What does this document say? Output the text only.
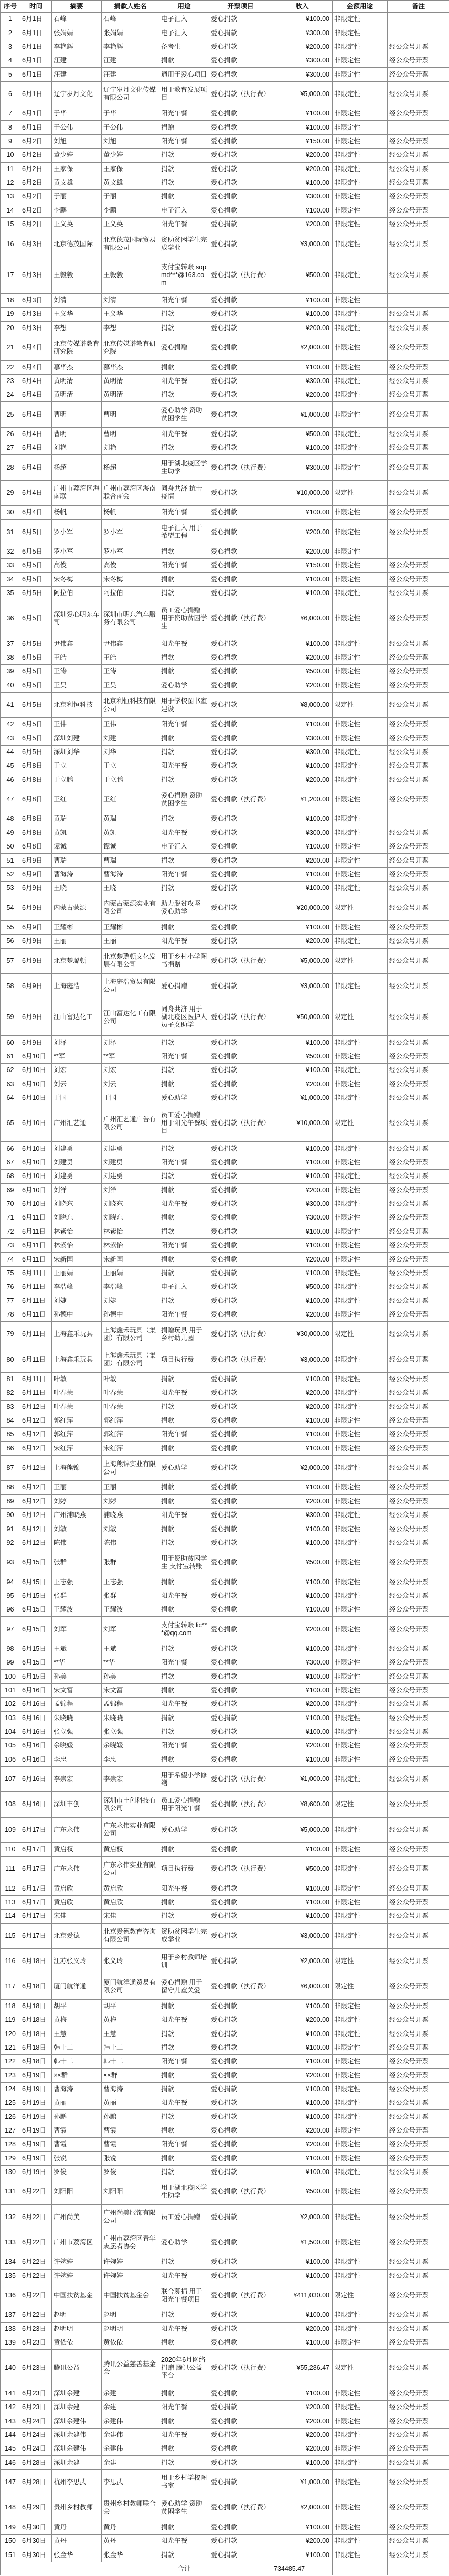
序号	时间	摘要	捐款人姓名	用途	开票项目	收入	金额用途	备注
1	6月1日	石峰	石峰	电子汇入	爱心捐款	¥100.00	非限定性	
2	6月1日	张娟娟	张娟娟	电子汇入	爱心捐款	¥300.00	非限定性	
3	6月1日	李艳辉	李艳辉	备考生	爱心捐款	¥200.00	非限定性	经公众号开票
4	6月1日	汪建	汪建	捐款	爱心捐款	¥300.00	非限定性	经公众号开票
5	6月1日	汪建	汪建	通用于爱心项目	爱心捐款	¥300.00	非限定性	经公众号开票
6	6月1日	辽宁岁月文化	辽宁岁月文化传媒有限公司	用于教育发展项目	爱心捐款（执行费）	¥5,000.00	非限定性	经公众号开票
7	6月1日	于华	于华	阳光午餐	爱心捐款	¥100.00	非限定性	经公众号开票
8	6月1日	于公伟	于公伟	捐赠	爱心捐款	¥100.00	非限定性	
9	6月2日	刘旭	刘旭	阳光午餐	爱心捐款	¥150.00	非限定性	经公众号开票
10	6月2日	董少婷	董少婷	捐款	爱心捐款	¥200.00	非限定性	经公众号开票
11	6月2日	王家保	王家保	捐款	爱心捐款	¥200.00	非限定性	经公众号开票
12	6月2日	黄文雄	黄文雄	捐款	爱心捐款	¥100.00	非限定性	经公众号开票
13	6月2日	于丽	于丽	捐款	爱心捐款	¥300.00	非限定性	经公众号开票
14	6月2日	李鹏	李鹏	电子汇入	爱心捐款	¥100.00	非限定性	经公众号开票
15	6月2日	王义英	王义英	阳光午餐	爱心捐款	¥200.00	非限定性	经公众号开票
16	6月3日	北京德茂国际	北京德茂国际贸易有限公司	资助贫困学生完成学业	爱心捐款	¥3,000.00	非限定性	经公众号开票
17	6月3日	王毅毅	王毅毅	支付宝转账 sopmd***@163.com	爱心捐款（执行费）	¥500.00	非限定性	经公众号开票
18	6月3日	刘清	刘清	阳光午餐	爱心捐款	¥100.00	非限定性	
19	6月3日	王义华	王义华	捐款	爱心捐款	¥100.00	非限定性	经公众号开票
20	6月3日	李想	李想	捐款	爱心捐款	¥200.00	非限定性	经公众号开票
21	6月4日	北京传媒谱教育研究院	北京传媒谱教育研究院	爱心捐赠	爱心捐款	¥2,000.00	非限定性	经公众号开票
22	6月4日	慕华杰	慕华杰	捐款	爱心捐款	¥100.00	非限定性	经公众号开票
23	6月4日	黄明清	黄明清	阳光午餐	爱心捐款	¥300.00	非限定性	经公众号开票
24	6月4日	黄明清	黄明清	捐款	爱心捐款	¥200.00	非限定性	经公众号开票
25	6月4日	曹明	曹明	爱心助学 资助贫困学生	爱心捐款	¥1,000.00	非限定性	经公众号开票
26	6月4日	曹明	曹明	阳光午餐	爱心捐款	¥500.00	非限定性	经公众号开票
27	6月4日	刘艳	刘艳	捐款	爱心捐款	¥100.00	非限定性	经公众号开票
28	6月4日	杨超	杨超	用于湖北疫区学生助学	爱心捐款（执行费）	¥300.00	非限定性	经公众号开票
29	6月4日	广州市荔湾区海南联	广州市荔湾区海南联合商会	同舟共济 抗击疫情	爱心捐款	¥10,000.00	限定性	经公众号开票
30	6月4日	杨帆	杨帆	阳光午餐	爱心捐款	¥100.00	非限定性	经公众号开票
31	6月5日	罗小军	罗小军	电子汇入 用于希望工程	爱心捐款	¥200.00	非限定性	经公众号开票
32	6月5日	罗小军	罗小军	捐款	爱心捐款	¥200.00	非限定性	
33	6月5日	高俊	高俊	阳光午餐	爱心捐款	¥150.00	非限定性	经公众号开票
34	6月5日	宋冬梅	宋冬梅	捐款	爱心捐款	¥100.00	非限定性	经公众号开票
35	6月5日	阿拉伯	阿拉伯	捐款	爱心捐款	¥100.00	非限定性	经公众号开票
36	6月5日	深圳爱心明东车司	深圳市明东汽车服务有限公司	员工爱心捐赠 用于资助贫困学生	爱心捐款（执行费）	¥6,000.00	非限定性	经公众号开票
37	6月5日	尹伟鑫	尹伟鑫	阳光午餐	爱心捐款	¥100.00	非限定性	经公众号开票
38	6月5日	王皓	王皓	捐款	爱心捐款	¥200.00	非限定性	经公众号开票
39	6月5日	王涛	王涛	捐款	爱心捐款	¥500.00	非限定性	经公众号开票
40	6月5日	王昊	王昊	爱心助学	爱心捐款	¥200.00	非限定性	经公众号开票
41	6月5日	北京利恒科技	北京利恒科技有限公司	用于学校图书室建设	爱心捐款	¥8,000.00	限定性	经公众号开票
42	6月5日	王伟	王伟	阳光午餐	爱心捐款	¥100.00	非限定性	经公众号开票
43	6月5日	深圳刘建	刘建	捐款	爱心捐款	¥300.00	非限定性	经公众号开票
44	6月5日	深圳刘华	刘华	捐款	爱心捐款	¥300.00	非限定性	经公众号开票
45	6月8日	于立	于立	阳光午餐	爱心捐款	¥100.00	非限定性	经公众号开票
46	6月8日	于立鹏	于立鹏	捐款	爱心捐款	¥200.00	非限定性	经公众号开票
47	6月8日	王红	王红	爱心捐赠 资助贫困学生	爱心捐款（执行费）	¥1,200.00	非限定性	经公众号开票
48	6月8日	黄瑞	黄瑞	捐款	爱心捐款	¥100.00	非限定性	
49	6月8日	黄凯	黄凯	阳光午餐	爱心捐款	¥300.00	非限定性	经公众号开票
50	6月8日	谭诚	谭诚	电子汇入	爱心捐款	¥100.00	非限定性	经公众号开票
51	6月9日	曹瑞	曹瑞	捐款	爱心捐款	¥200.00	非限定性	经公众号开票
52	6月9日	曹海涛	曹海涛	阳光午餐	爱心捐款	¥100.00	非限定性	经公众号开票
53	6月9日	王晓	王晓	捐款	爱心捐款	¥100.00	非限定性	经公众号开票
54	6月9日	内蒙古蒙源	内蒙古蒙源实业有限公司	助力脱贫攻坚 爱心助学	爱心捐款	¥20,000.00	限定性	经公众号开票
55	6月9日	王耀彬	王耀彬	捐款	爱心捐款	¥100.00	非限定性	经公众号开票
56	6月9日	王丽	王丽	阳光午餐	爱心捐款	¥200.00	非限定性	经公众号开票
57	6月9日	北京楚璐顿	北京楚璐顿文化发展有限公司	用于乡村小学图书捐赠	爱心捐款（执行费）	¥5,000.00	限定性	经公众号开票
58	6月9日	上海庭浩	上海庭浩贸易有限公司	爱心捐赠	爱心捐款	¥3,000.00	非限定性	经公众号开票
59	6月9日	江山富达化工	江山富达化工有限公司	同舟共济 用于湖北疫区医护人员子女助学	爱心捐款（执行费）	¥50,000.00	限定性	经公众号开票
60	6月9日	刘泽	刘泽	捐款	爱心捐款	¥100.00	非限定性	经公众号开票
61	6月10日	**军	**军	阳光午餐	爱心捐款	¥500.00	非限定性	经公众号开票
62	6月10日	刘宏	刘宏	捐款	爱心捐款	¥100.00	非限定性	经公众号开票
63	6月10日	刘云	刘云	捐款	爱心捐款	¥200.00	非限定性	经公众号开票
64	6月10日	于国	于国	爱心助学	爱心捐款	¥1,000.00	非限定性	经公众号开票
65	6月10日	广州汇艺通	广州汇艺通广告有限公司	员工爱心捐赠 用于阳光午餐项目	爱心捐款（执行费）	¥10,000.00	限定性	经公众号开票
66	6月10日	刘建勇	刘建勇	捐款	爱心捐款	¥100.00	非限定性	经公众号开票
67	6月10日	刘建勇	刘建勇	阳光午餐	爱心捐款	¥100.00	非限定性	经公众号开票
68	6月10日	刘建勇	刘建勇	捐款	爱心捐款	¥100.00	非限定性	经公众号开票
69	6月10日	刘洋	刘洋	捐款	爱心捐款	¥200.00	非限定性	经公众号开票
70	6月10日	刘晓东	刘晓东	阳光午餐	爱心捐款	¥300.00	非限定性	经公众号开票
71	6月11日	刘晓东	刘晓东	捐款	爱心捐款	¥300.00	非限定性	经公众号开票
72	6月11日	林紫怡	林紫怡	捐款	爱心捐款	¥100.00	非限定性	经公众号开票
73	6月11日	林紫怡	林紫怡	阳光午餐	爱心捐款	¥100.00	非限定性	经公众号开票
74	6月11日	宋新国	宋新国	捐款	爱心捐款	¥200.00	非限定性	经公众号开票
75	6月11日	王丽娟	王丽娟	捐款	爱心捐款	¥100.00	非限定性	经公众号开票
76	6月11日	李浩峰	李浩峰	电子汇入	爱心捐款	¥500.00	非限定性	经公众号开票
77	6月11日	刘婕	刘婕	捐款	爱心捐款	¥100.00	非限定性	经公众号开票
78	6月11日	孙德中	孙德中	阳光午餐	爱心捐款	¥200.00	非限定性	经公众号开票
79	6月11日	上海鑫禾玩具	上海鑫禾玩具（集团）有限公司	捐赠玩具 用于乡村幼儿园	爱心捐款（执行费）	¥30,000.00	限定性	经公众号开票
80	6月11日	上海鑫禾玩具	上海鑫禾玩具（集团）有限公司	项目执行费	爱心捐款（执行费）	¥3,000.00	非限定性	经公众号开票
81	6月11日	叶敏	叶敏	捐款	爱心捐款	¥100.00	非限定性	经公众号开票
82	6月11日	叶春荣	叶春荣	阳光午餐	爱心捐款	¥200.00	非限定性	经公众号开票
83	6月12日	叶春荣	叶春荣	捐款	爱心捐款	¥200.00	非限定性	经公众号开票
84	6月12日	郭红萍	郭红萍	捐款	爱心捐款	¥100.00	非限定性	经公众号开票
85	6月12日	郭红萍	郭红萍	阳光午餐	爱心捐款	¥100.00	非限定性	经公众号开票
86	6月12日	宋红萍	宋红萍	捐款	爱心捐款	¥100.00	非限定性	经公众号开票
87	6月12日	上海熊锦	上海熊锦实业有限公司	爱心助学	爱心捐款	¥2,000.00	非限定性	经公众号开票
88	6月12日	王丽	王丽	捐款	爱心捐款	¥100.00	非限定性	经公众号开票
89	6月12日	刘婷	刘婷	捐款	爱心捐款	¥200.00	非限定性	经公众号开票
90	6月12日	广州浦晓燕	浦晓燕	阳光午餐	爱心捐款	¥300.00	非限定性	经公众号开票
91	6月12日	刘敏	刘敏	捐款	爱心捐款	¥100.00	非限定性	经公众号开票
92	6月12日	陈伟	陈伟	捐款	爱心捐款	¥100.00	非限定性	经公众号开票
93	6月15日	张群	张群	用于资助贫困学生 支付宝转账	爱心捐款	¥500.00	非限定性	经公众号开票
94	6月15日	王志强	王志强	捐款	爱心捐款	¥100.00	非限定性	经公众号开票
95	6月15日	张群	张群	阳光午餐	爱心捐款	¥100.00	非限定性	经公众号开票
96	6月15日	王耀波	王耀波	捐款	爱心捐款	¥100.00	非限定性	经公众号开票
97	6月15日	刘军	刘军	支付宝转账 lic***@qq.com	爱心捐款	¥200.00	非限定性	经公众号开票
98	6月15日	王斌	王斌	捐款	爱心捐款	¥100.00	非限定性	经公众号开票
99	6月15日	**华	**华	阳光午餐	爱心捐款	¥300.00	非限定性	经公众号开票
100	6月15日	孙美	孙美	捐款	爱心捐款	¥100.00	非限定性	经公众号开票
101	6月16日	宋文富	宋文富	捐款	爱心捐款	¥100.00	非限定性	经公众号开票
102	6月16日	孟锦程	孟锦程	阳光午餐	爱心捐款	¥200.00	非限定性	经公众号开票
103	6月16日	朱晓晓	朱晓晓	捐款	爱心捐款	¥100.00	非限定性	经公众号开票
104	6月16日	张立强	张立强	捐款	爱心捐款	¥100.00	非限定性	经公众号开票
105	6月16日	余晓媛	余晓媛	阳光午餐	爱心捐款	¥200.00	非限定性	经公众号开票
106	6月16日	李忠	李忠	捐款	爱心捐款	¥100.00	非限定性	经公众号开票
107	6月16日	李崇宏	李崇宏	用于希望小学修缮	爱心捐款（执行费）	¥1,000.00	非限定性	经公众号开票
108	6月16日	深圳丰创	深圳市丰创科技有限公司	员工爱心捐赠 用于阳光午餐	爱心捐款（执行费）	¥8,600.00	限定性	经公众号开票
109	6月17日	广东永伟	广东永伟实业有限公司	爱心助学	爱心捐款	¥5,000.00	非限定性	经公众号开票
110	6月17日	黄启权	黄启权	捐款	爱心捐款	¥100.00	非限定性	经公众号开票
111	6月17日	广东永伟	广东永伟实业有限公司	项目执行费	爱心捐款（执行费）	¥500.00	非限定性	经公众号开票
112	6月17日	黄启欣	黄启欣	阳光午餐	爱心捐款	¥100.00	非限定性	经公众号开票
113	6月17日	黄启欣	黄启欣	捐款	爱心捐款	¥100.00	非限定性	经公众号开票
114	6月17日	宋佳	宋佳	捐款	爱心捐款	¥100.00	非限定性	经公众号开票
115	6月17日	北京爱德	北京爱德教育咨询有限公司	资助贫困学生完成学业	爱心捐款	¥3,000.00	非限定性	经公众号开票
116	6月18日	江苏张义玲	张义玲	用于乡村教师培训	爱心捐款	¥2,000.00	限定性	经公众号开票
117	6月18日	厦门航洋通	厦门航洋通贸易有限公司	爱心捐赠 用于留守儿童关爱	爱心捐款（执行费）	¥6,000.00	限定性	经公众号开票
118	6月18日	胡平	胡平	捐款	爱心捐款	¥100.00	非限定性	经公众号开票
119	6月18日	黄梅	黄梅	阳光午餐	爱心捐款	¥200.00	非限定性	经公众号开票
120	6月18日	王慧	王慧	捐款	爱心捐款	¥100.00	非限定性	经公众号开票
121	6月18日	韩十二	韩十二	捐款	爱心捐款	¥100.00	非限定性	经公众号开票
122	6月18日	韩十二	韩十二	阳光午餐	爱心捐款	¥100.00	非限定性	经公众号开票
123	6月19日	××群	××群	捐款	爱心捐款	¥200.00	非限定性	经公众号开票
124	6月19日	曹海涛	曹海涛	捐款	爱心捐款	¥100.00	非限定性	经公众号开票
125	6月19日	黄丽	黄丽	阳光午餐	爱心捐款	¥100.00	非限定性	经公众号开票
126	6月19日	孙鹏	孙鹏	捐款	爱心捐款	¥100.00	非限定性	经公众号开票
127	6月19日	曹霞	曹霞	捐款	爱心捐款	¥200.00	非限定性	经公众号开票
128	6月19日	曹霞	曹霞	阳光午餐	爱心捐款	¥200.00	非限定性	经公众号开票
129	6月19日	张锐	张锐	捐款	爱心捐款	¥100.00	非限定性	经公众号开票
130	6月19日	罗俊	罗俊	捐款	爱心捐款	¥100.00	非限定性	经公众号开票
131	6月22日	刘阳阳	刘阳阳	用于湖北疫区学生助学	爱心捐款（执行费）	¥500.00	非限定性	经公众号开票
132	6月22日	广州尚美	广州尚美服饰有限公司	员工爱心捐赠	爱心捐款	¥2,000.00	非限定性	经公众号开票
133	6月22日	广州市荔湾区	广州市荔湾区青年志愿者协会	爱心助学	爱心捐款	¥1,500.00	非限定性	经公众号开票
134	6月22日	许婉婷	许婉婷	捐款	爱心捐款	¥100.00	非限定性	经公众号开票
135	6月22日	许婉婷	许婉婷	阳光午餐	爱心捐款	¥100.00	非限定性	经公众号开票
136	6月22日	中国扶贫基金	中国扶贫基金会	联合募捐 用于阳光午餐项目	爱心捐款（执行费）	¥411,030.00	限定性	经公众号开票
137	6月22日	赵明	赵明	捐款	爱心捐款	¥100.00	非限定性	经公众号开票
138	6月23日	赵明明	赵明明	阳光午餐	爱心捐款	¥200.00	非限定性	经公众号开票
139	6月23日	黄依依	黄依依	捐款	爱心捐款	¥100.00	非限定性	经公众号开票
140	6月23日	腾讯公益	腾讯公益慈善基金会	2020年6月网络捐赠 腾讯公益平台	爱心捐款（执行费）	¥55,286.47	限定性	经公众号开票
141	6月23日	深圳余建	余建	捐款	爱心捐款	¥100.00	非限定性	经公众号开票
142	6月23日	深圳余建	余建	阳光午餐	爱心捐款	¥200.00	非限定性	经公众号开票
143	6月24日	深圳余建伟	余建伟	捐款	爱心捐款	¥200.00	非限定性	经公众号开票
144	6月24日	深圳余建伟	余建伟	阳光午餐	爱心捐款	¥200.00	非限定性	经公众号开票
145	6月24日	深圳余建伟	余建伟	捐款	爱心捐款	¥200.00	非限定性	经公众号开票
146	6月28日	深圳余建	余建	捐款	爱心捐款	¥100.00	非限定性	经公众号开票
147	6月28日	杭州李思武	李思武	用于乡村学校图书室	爱心捐款	¥1,000.00	非限定性	经公众号开票
148	6月29日	贵州乡村教师	贵州乡村教师联合会	爱心助学 资助贫困学生	爱心捐款（执行费）	¥2,000.00	非限定性	经公众号开票
149	6月30日	黄丹	黄丹	捐款	爱心捐款	¥100.00	非限定性	经公众号开票
150	6月30日	黄丹	黄丹	阳光午餐	爱心捐款	¥200.00	非限定性	经公众号开票
151	6月30日	张金华	张金华	捐款	爱心捐款	¥100.00	非限定性	经公众号开票
				合计		734485.47		
